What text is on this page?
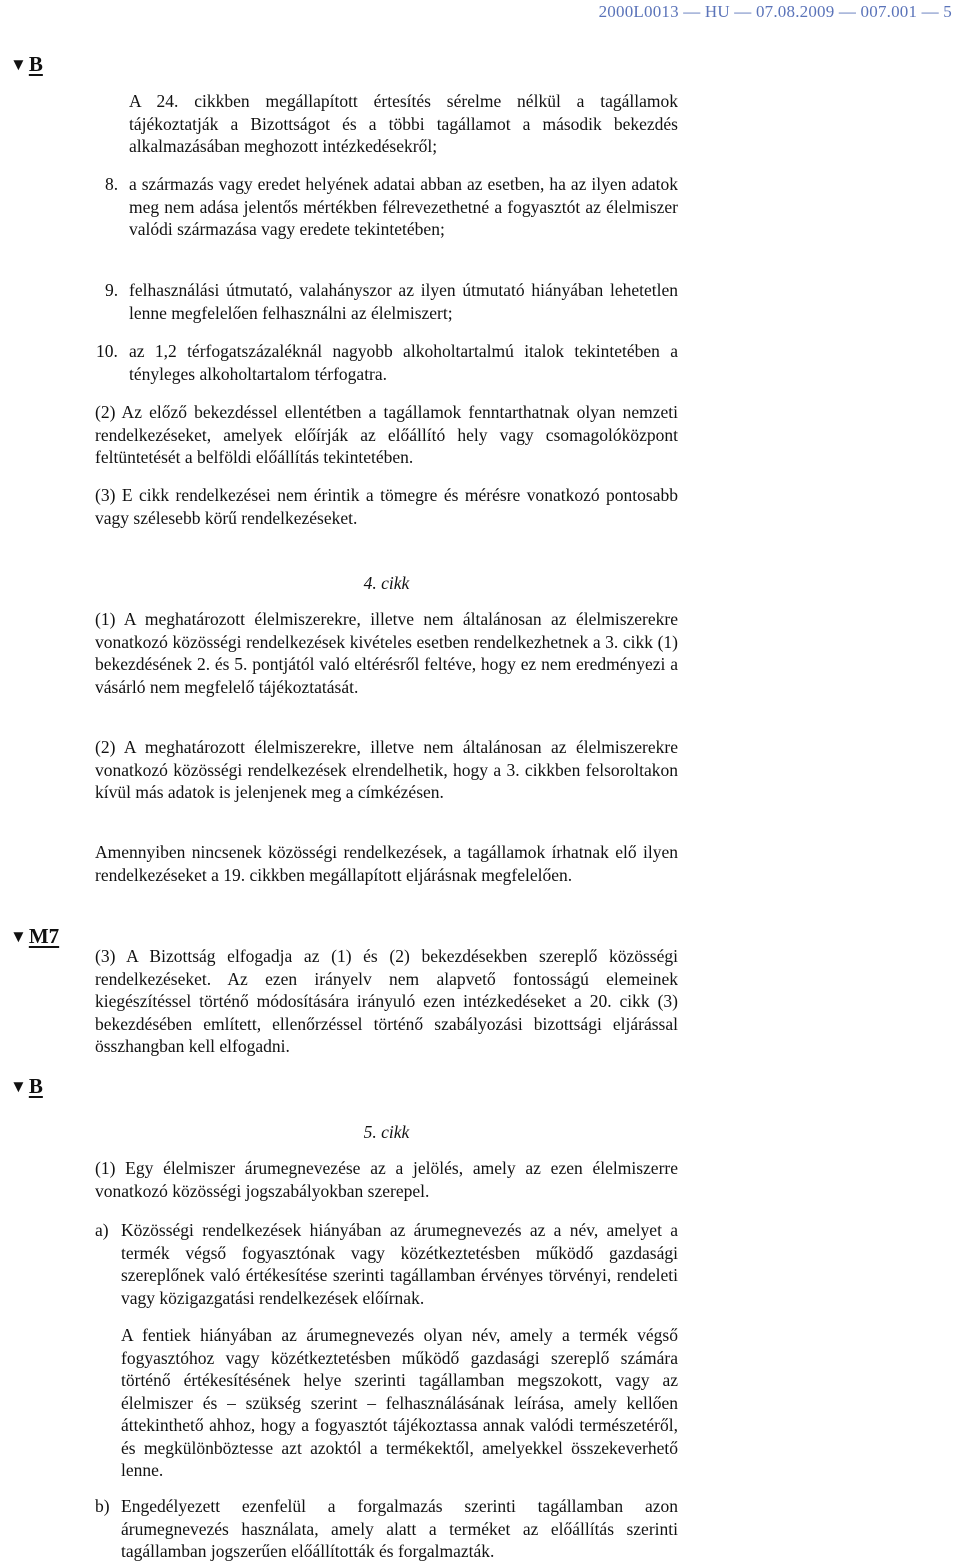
2000L0013 — HU — 07.08.2009 — 007.001 — 5
▼B
A 24. cikkben megállapított értesítés sérelme nélkül a tagállamok tájékoztatják a Bizottságot és a többi tagállamot a második bekezdés alkalmazásában meghozott intézkedésekről;
8. a származás vagy eredet helyének adatai abban az esetben, ha az ilyen adatok meg nem adása jelentős mértékben félrevezethetné a fogyasztót az élelmiszer valódi származása vagy eredete tekintetében;
9. felhasználási útmutató, valahányszor az ilyen útmutató hiányában lehetetlen lenne megfelelően felhasználni az élelmiszert;
10. az 1,2 térfogatszázaléknál nagyobb alkoholtartalmú italok tekintetében a tényleges alkoholtartalom térfogatra.
(2) Az előző bekezdéssel ellentétben a tagállamok fenntarthatnak olyan nemzeti rendelkezéseket, amelyek előírják az előállító hely vagy csomagolóközpont feltüntetését a belföldi előállítás tekintetében.
(3) E cikk rendelkezései nem érintik a tömegre és mérésre vonatkozó pontosabb vagy szélesebb körű rendelkezéseket.
4. cikk
(1) A meghatározott élelmiszerekre, illetve nem általánosan az élelmiszerekre vonatkozó közösségi rendelkezések kivételes esetben rendelkezhetnek a 3. cikk (1) bekezdésének 2. és 5. pontjától való eltérésről feltéve, hogy ez nem eredményezi a vásárló nem megfelelő tájékoztatását.
(2) A meghatározott élelmiszerekre, illetve nem általánosan az élelmiszerekre vonatkozó közösségi rendelkezések elrendelhetik, hogy a 3. cikkben felsoroltakon kívül más adatok is jelenjenek meg a címkézésen.
Amennyiben nincsenek közösségi rendelkezések, a tagállamok írhatnak elő ilyen rendelkezéseket a 19. cikkben megállapított eljárásnak megfelelően.
▼M7
(3) A Bizottság elfogadja az (1) és (2) bekezdésekben szereplő közösségi rendelkezéseket. Az ezen irányelv nem alapvető fontosságú elemeinek kiegészítéssel történő módosítására irányuló ezen intézkedéseket a 20. cikk (3) bekezdésében említett, ellenőrzéssel történő szabályozási bizottsági eljárással összhangban kell elfogadni.
▼B
5. cikk
(1) Egy élelmiszer árumegnevezése az a jelölés, amely az ezen élelmiszerre vonatkozó közösségi jogszabályokban szerepel.
a) Közösségi rendelkezések hiányában az árumegnevezés az a név, amelyet a termék végső fogyasztónak vagy közétkeztetésben működő gazdasági szereplőnek való értékesítése szerinti tagállamban érvényes törvényi, rendeleti vagy közigazgatási rendelkezések előírnak.
A fentiek hiányában az árumegnevezés olyan név, amely a termék végső fogyasztóhoz vagy közétkeztetésben működő gazdasági szereplő számára történő értékesítésének helye szerinti tagállamban megszokott, vagy az élelmiszer és – szükség szerint – felhasználásának leírása, amely kellően áttekinthető ahhoz, hogy a fogyasztót tájékoztassa annak valódi természetéről, és megkülönböztesse azt azoktól a termékektől, amelyekkel összekeverhető lenne.
b) Engedélyezett ezenfelül a forgalmazás szerinti tagállamban azon árumegnevezés használata, amely alatt a terméket az előállítás szerinti tagállamban jogszerűen előállították és forgalmazták.
